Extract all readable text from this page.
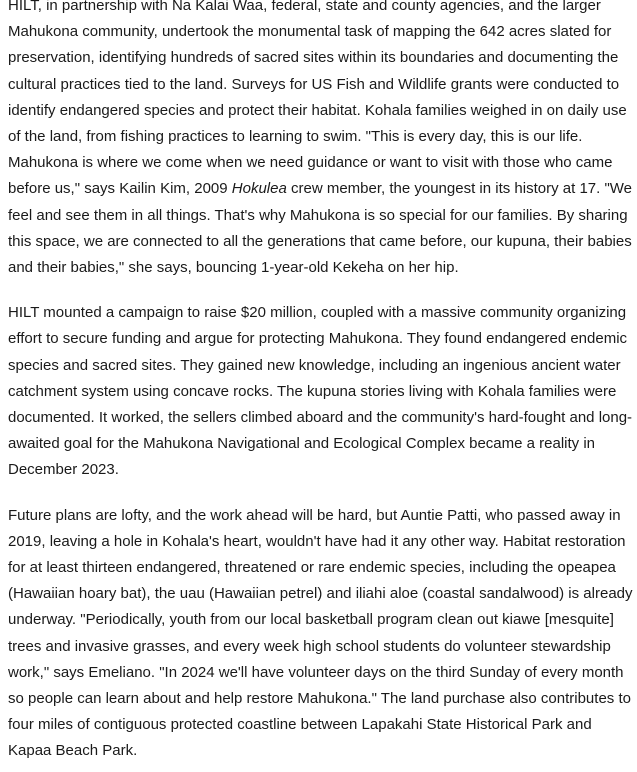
HILT, in partnership with Na Kalai Waa, federal, state and county agencies, and the larger Mahukona community, undertook the monumental task of mapping the 642 acres slated for preservation, identifying hundreds of sacred sites within its boundaries and documenting the cultural practices tied to the land. Surveys for US Fish and Wildlife grants were conducted to identify endangered species and protect their habitat. Kohala families weighed in on daily use of the land, from fishing practices to learning to swim. "This is every day, this is our life. Mahukona is where we come when we need guidance or want to visit with those who came before us," says Kailin Kim, 2009 Hokulea crew member, the youngest in its history at 17. "We feel and see them in all things. That's why Mahukona is so special for our families. By sharing this space, we are connected to all the generations that came before, our kupuna, their babies and their babies," she says, bouncing 1-year-old Kekeha on her hip.

HILT mounted a campaign to raise $20 million, coupled with a massive community organizing effort to secure funding and argue for protecting Mahukona. They found endangered endemic species and sacred sites. They gained new knowledge, including an ingenious ancient water catchment system using concave rocks. The kupuna stories living with Kohala families were documented. It worked, the sellers climbed aboard and the community's hard-fought and long-awaited goal for the Mahukona Navigational and Ecological Complex became a reality in December 2023.

Future plans are lofty, and the work ahead will be hard, but Auntie Patti, who passed away in 2019, leaving a hole in Kohala's heart, wouldn't have had it any other way. Habitat restoration for at least thirteen endangered, threatened or rare endemic species, including the opeapea (Hawaiian hoary bat), the uau (Hawaiian petrel) and iliahi aloe (coastal sandalwood) is already underway. "Periodically, youth from our local basketball program clean out kiawe [mesquite] trees and invasive grasses, and every week high school students do volunteer stewardship work," says Emeliano. "In 2024 we'll have volunteer days on the third Sunday of every month so people can learn about and help restore Mahukona." The land purchase also contributes to four miles of contiguous protected coastline between Lapakahi State Historical Park and Kapaa Beach Park.
